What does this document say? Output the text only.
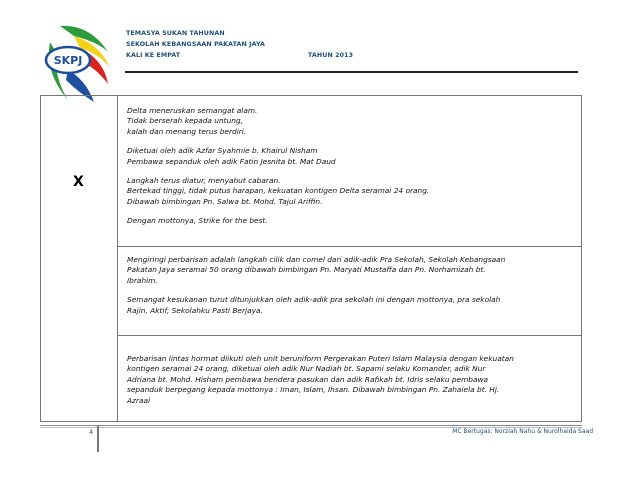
SKPJ
TEMASYA SUKAN TAHUNAN
SEKOLAH KEBANGSAAN PAKATAN JAYA
KALI KE EMPAT	TAHUN 2013
X

Delta meneruskan semangat alam.

Tidak berserah kepada untung,

kalah dan menang terus berdiri.

Diketuai oleh adik Azfar Syahmie b. Khairul Nisham

Pembawa sepanduk oleh adik Fatin Jesnita bt. Mat Daud

Langkah terus diatur, menyahut cabaran.

Bertekad tinggi, tidak putus harapan, kekuatan kontigen Delta seramai 24 orang.

Dibawah bimbingan Pn. Salwa bt. Mohd. Tajul Ariffin.

Dengan mottonya, Strike for the best.

Mengiringi perbarisan adalah langkah cilik dan comel dari adik-adik Pra Sekolah, Sekolah Kebangsaan

Pakatan Jaya seramai 50 orang dibawah bimbingan Pn. Maryati Mustaffa dan Pn. Norhamizah bt.

Ibrahim.

Semangat kesukanan turut ditunjukkan oleh adik-adik pra sekolah ini dengan mottonya, pra sekolah

Rajin, Aktif, Sekolahku Pasti Berjaya.

Perbarisan lintas hormat diikuti oleh unit beruniform Pergerakan Puteri Islam Malaysia dengan kekuatan

kontigen seramai 24 orang, diketuai oleh adik Nur Nadiah bt. Sapami selaku Komander, adik Nur

Adriana bt. Mohd. Hisham pembawa bendera pasukan dan adik Rafikah bt. Idris selaku pembawa

sepanduk berpegang kepada mottonya : Iman, Islam, Ihsan. Dibawah bimbingan Pn. Zahaiela bt. Hj.

Azraai

4	MC Bertugas: Norziah Nahu & Nurolhaida Saad
